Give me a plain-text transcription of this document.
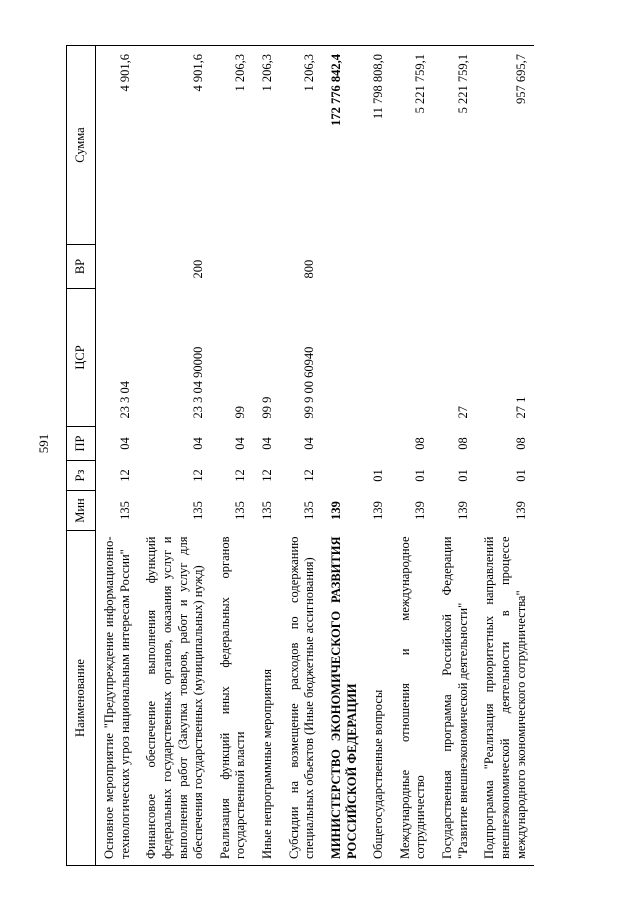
591
Наименование	Мин	Рз	ПР	ЦСР	ВР	Сумма
Основное мероприятие "Предупреждение информационно-технологических угроз национальным интересам России"	135	12	04	23 3 04		4 901,6
Финансовое обеспечение выполнения функций федеральных государственных органов, оказания услуг и выполнения работ (Закупка товаров, работ и услуг для обеспечения государственных (муниципальных) нужд)	135	12	04	23 3 04 90000	200	4 901,6
Реализация функций иных федеральных органов государственной власти	135	12	04	99		1 206,3
Иные непрограммные мероприятия	135	12	04	99 9		1 206,3
Субсидии на возмещение расходов по содержанию специальных объектов (Иные бюджетные ассигнования)	135	12	04	99 9 00 60940	800	1 206,3
МИНИСТЕРСТВО ЭКОНОМИЧЕСКОГО РАЗВИТИЯ РОССИЙСКОЙ ФЕДЕРАЦИИ	139					172 776 842,4
Общегосударственные вопросы	139	01				11 798 808,0
Международные отношения и международное сотрудничество	139	01	08			5 221 759,1
Государственная программа Российской Федерации "Развитие внешнеэкономической деятельности"	139	01	08	27		5 221 759,1
Подпрограмма "Реализация приоритетных направлений внешнеэкономической деятельности в процессе международного экономического сотрудничества"	139	01	08	27 1		957 695,7
